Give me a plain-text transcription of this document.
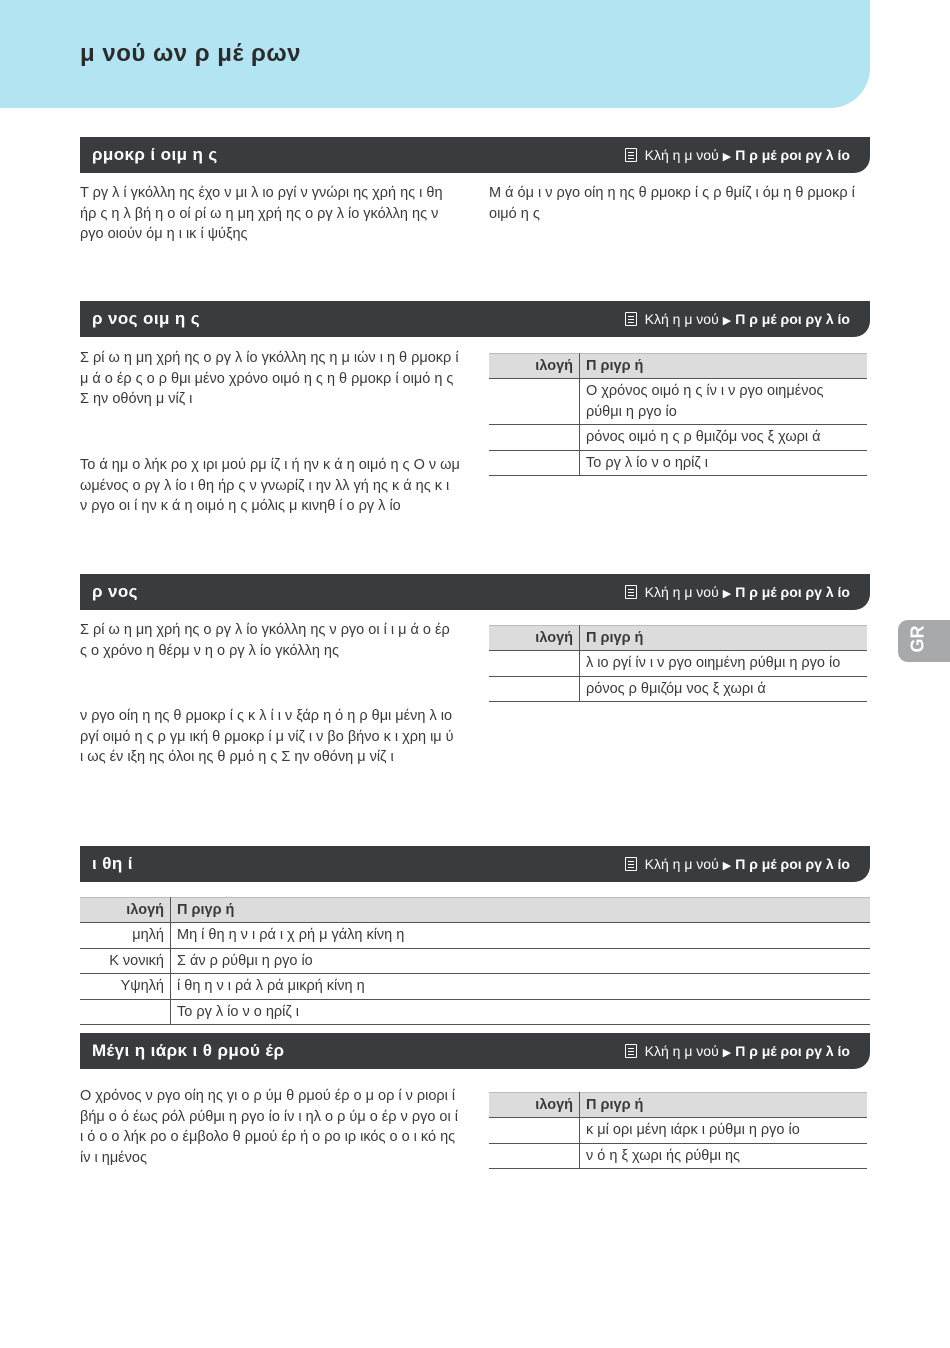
μ νού ων ρ μέ ρων
GR
ρμοκρ ί οιμ η ς	Κλή η μ νού ▶ Π ρ μέ ροι ργ λ ίο

Τ ργ λ ί γκόλλη ης έχο ν μι λ ιο ργί ν γνώρι ης χρή ης ι θη ήρ ς η λ βή η ο οί ρί ω η μη χρή ης ο ργ λ ίο γκόλλη ης ν ργο οιούν όμ η ι ικ ί ψύξης

Μ ά όμ ι ν ργο οίη η ης θ ρμοκρ ί ς ρ θμίζ ι όμ η θ ρμοκρ ί οιμό η ς

ρ νος οιμ η ς	Κλή η μ νού ▶ Π ρ μέ ροι ργ λ ίο

Σ ρί ω η μη χρή ης ο ργ λ ίο γκόλλη ης η μ ιών ι η θ ρμοκρ ί μ ά ο έρ ς ο ρ θμι μένο χρόνο οιμό η ς η θ ρμοκρ ί οιμό η ς Σ ην οθόνη μ νίζ ι

Το ά ημ ο λήκ ρο χ ιρι μού ρμ ίζ ι ή ην κ ά η οιμό η ς Ο ν ωμ ωμένος ο ργ λ ίο ι θη ήρ ς ν γνωρίζ ι ην λλ γή ης κ ά ης κ ι ν ργο οι ί ην κ ά η οιμό η ς μόλις μ κινηθ ί ο ργ λ ίο

ιλογή	Π ριγρ ή
	Ο χρόνος οιμό η ς ίν ι ν ργο οιημένος ρύθμι η ργο ίο
	ρόνος οιμό η ς ρ θμιζόμ νος ξ χωρι ά
	Το ργ λ ίο ν ο ηρίζ ι
ρ νος	Κλή η μ νού ▶ Π ρ μέ ροι ργ λ ίο

Σ ρί ω η μη χρή ης ο ργ λ ίο γκόλλη ης ν ργο οι ί ι μ ά ο έρ ς ο χρόνο η θέρμ ν η ο ργ λ ίο γκόλλη ης

ν ργο οίη η ης θ ρμοκρ ί ς κ λ ί ι ν ξάρ η ό η ρ θμι μένη λ ιο ργί οιμό η ς ρ γμ ική θ ρμοκρ ί μ νίζ ι ν βο βήνο κ ι χρη ιμ ύ ι ως έν ιξη ης όλοι ης θ ρμό η ς Σ ην οθόνη μ νίζ ι

ιλογή	Π ριγρ ή
	λ ιο ργί ίν ι ν ργο οιημένη ρύθμι η ργο ίο
	ρόνος ρ θμιζόμ νος ξ χωρι ά
ι θη ί	Κλή η μ νού ▶ Π ρ μέ ροι ργ λ ίο
ιλογή	Π ριγρ ή
μηλή	Μη ί θη η ν ι ρά ι χ ρή μ γάλη κίνη η
Κ νονική	Σ άν ρ ρύθμι η ργο ίο
Υψηλή	ί θη η ν ι ρά λ ρά μικρή κίνη η
	Το ργ λ ίο ν ο ηρίζ ι
Μέγι η ιάρκ ι θ ρμού έρ	Κλή η μ νού ▶ Π ρ μέ ροι ργ λ ίο

Ο χρόνος ν ργο οίη ης γι ο ρ ύμ θ ρμού έρ ο μ ορ ί ν ριορι ί βήμ ο ό έως ρόλ ρύθμι η ργο ίο ίν ι ηλ ο ρ ύμ ο έρ ν ργο οι ί ι ό ο ο λήκ ρο ο έμβολο θ ρμού έρ ή ο ρο ιρ ικός ο ο ι κό ης ίν ι ημένος

ιλογή	Π ριγρ ή
	κ μί ορι μένη ιάρκ ι ρύθμι η ργο ίο
	ν ό η ξ χωρι ής ρύθμι ης
